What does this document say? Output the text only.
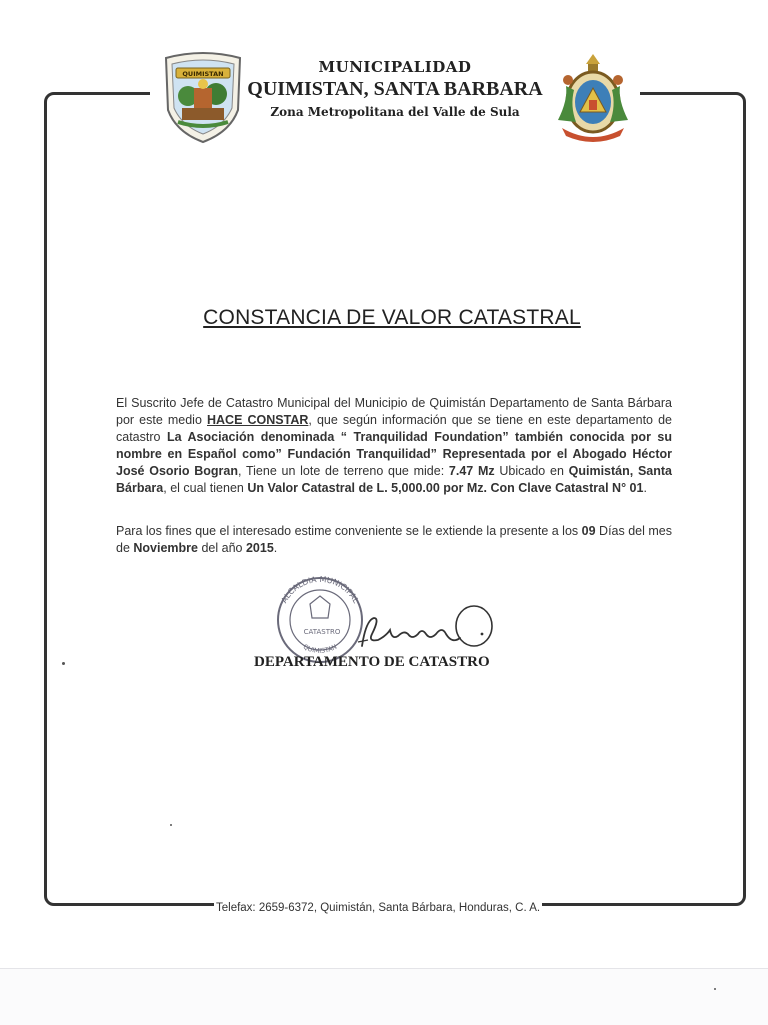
QUIMISTAN	MUNICIPALIDAD
QUIMISTAN, SANTA BARBARA
Zona Metropolitana del Valle de Sula
CONSTANCIA DE VALOR CATASTRAL
El Suscrito Jefe de Catastro Municipal del Municipio de Quimistán Departamento de Santa Bárbara por este medio HACE CONSTAR, que según información que se tiene en este departamento de catastro La Asociación denominada “ Tranquilidad Foundation” también conocida por su nombre en Español como” Fundación Tranquilidad” Representada por el Abogado Héctor José Osorio Bogran, Tiene un lote de terreno que mide: 7.47 Mz Ubicado en Quimistán, Santa Bárbara, el cual tienen Un Valor Catastral de L. 5,000.00 por Mz. Con Clave Catastral N° 01.
Para los fines que el interesado estime conveniente se le extiende la presente a los 09 Días del mes de Noviembre del año 2015.
ALCALDIA MUNICIPAL
QUIMISTAN
CATASTRO
DEPARTAMENTO DE CATASTRO
Telefax: 2659-6372, Quimistán, Santa Bárbara, Honduras, C. A.
